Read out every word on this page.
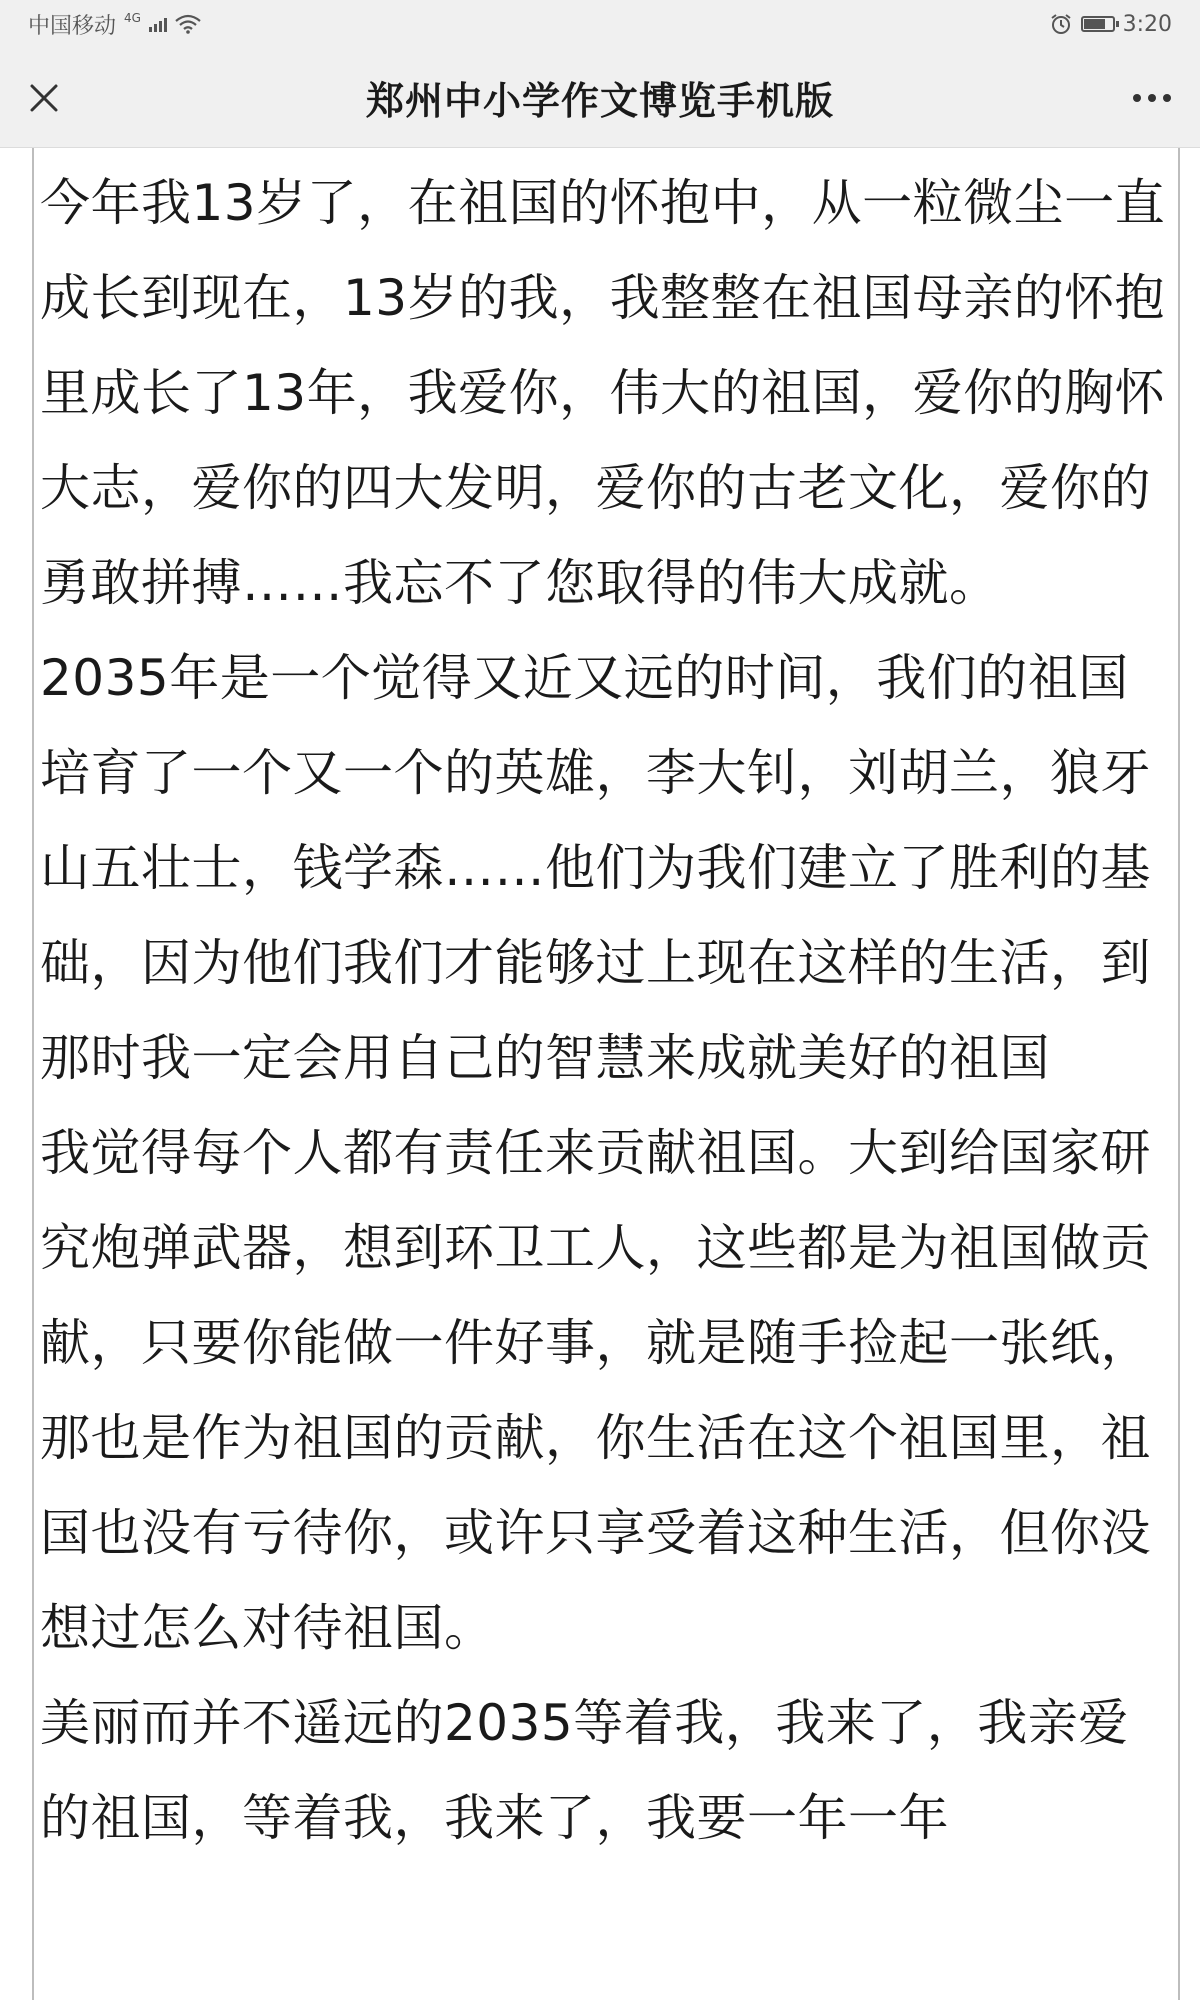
中国移动 4G	3:20
郑州中小学作文博览手机版

今年我13岁了，在祖国的怀抱中，从一粒微尘一直成长到现在，13岁的我，我整整在祖国母亲的怀抱里成长了13年，我爱你，伟大的祖国，爱你的胸怀大志，爱你的四大发明，爱你的古老文化，爱你的勇敢拼搏……我忘不了您取得的伟大成就。

2035年是一个觉得又近又远的时间，我们的祖国培育了一个又一个的英雄，李大钊，刘胡兰，狼牙山五壮士，钱学森……他们为我们建立了胜利的基础，因为他们我们才能够过上现在这样的生活，到那时我一定会用自己的智慧来成就美好的祖国

我觉得每个人都有责任来贡献祖国。大到给国家研究炮弹武器，想到环卫工人，这些都是为祖国做贡献，只要你能做一件好事，就是随手捡起一张纸，那也是作为祖国的贡献，你生活在这个祖国里，祖国也没有亏待你，或许只享受着这种生活，但你没想过怎么对待祖国。

美丽而并不遥远的2035等着我，我来了，我亲爱的祖国，等着我，我来了，我要一年一年
